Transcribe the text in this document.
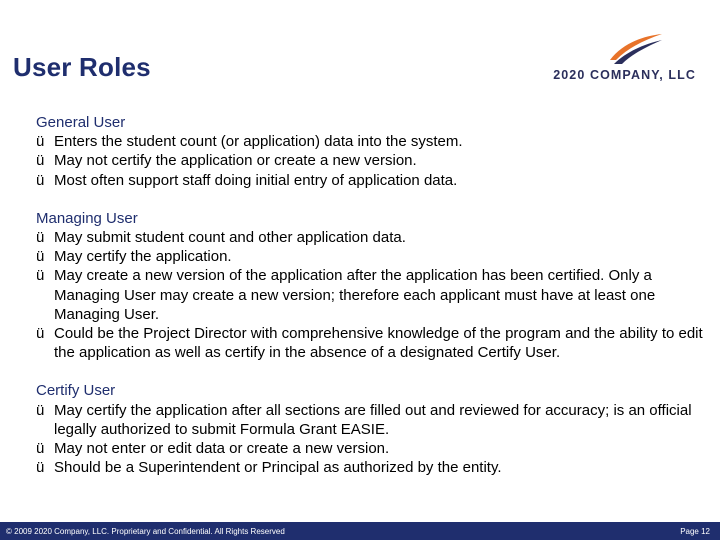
User Roles	2020 COMPANY, LLC
General User
ü Enters the student count (or application) data into the system.
ü May not certify the application or create a new version.
ü Most often support staff doing initial entry of application data.
Managing User
ü May submit student count and other application data.
ü May certify the application.
ü May create a new version of the application after the application has been certified. Only a Managing User may create a new version; therefore each applicant must have at least one Managing User.
ü Could be the Project Director with comprehensive knowledge of the program and the ability to edit the application as well as certify in the absence of a designated Certify User.
Certify User
ü May certify the application after all sections are filled out and reviewed for accuracy; is an official legally authorized to submit Formula Grant EASIE.
ü May not enter or edit data or create a new version.
ü Should be a Superintendent or Principal as authorized by the entity.
© 2009 2020 Company, LLC. Proprietary and Confidential. All Rights Reserved	Page 12
